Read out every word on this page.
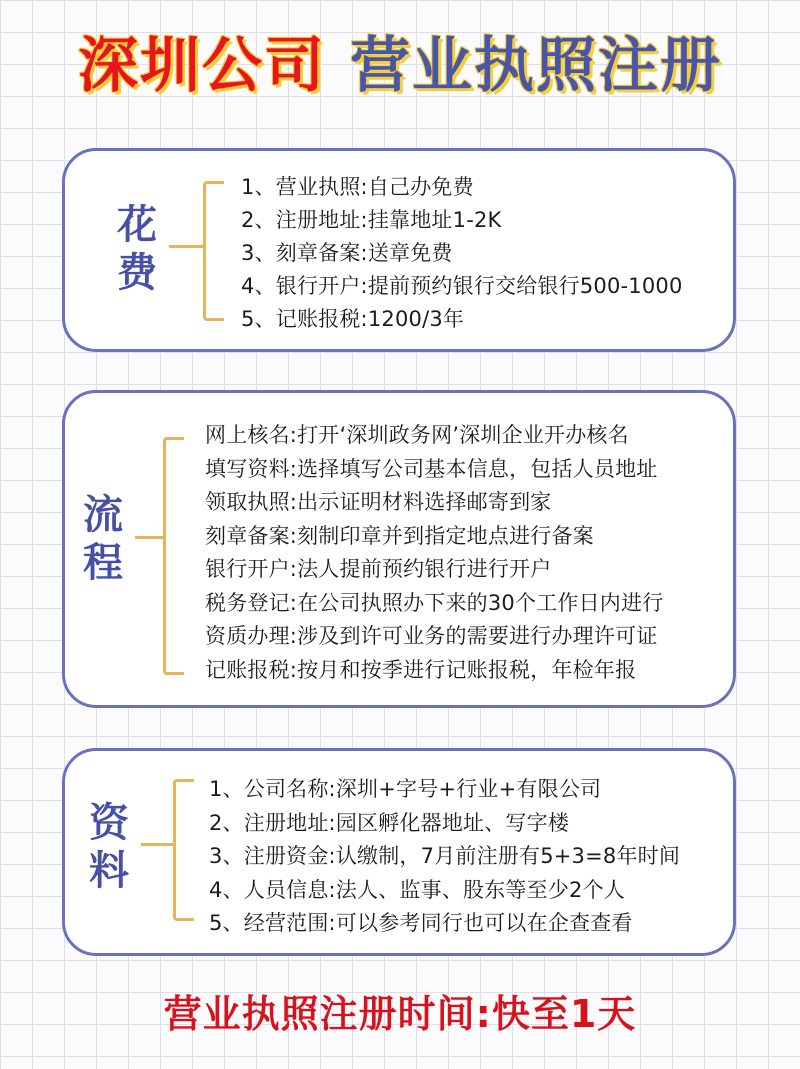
深圳公司 营业执照注册
花
费
1、营业执照:自己办免费
2、注册地址:挂靠地址1-2K
3、刻章备案:送章免费
4、银行开户:提前预约银行交给银行500-1000
5、记账报税:1200/3年
流
程
网上核名:打开‘深圳政务网’深圳企业开办核名
填写资料:选择填写公司基本信息，包括人员地址
领取执照:出示证明材料选择邮寄到家
刻章备案:刻制印章并到指定地点进行备案
银行开户:法人提前预约银行进行开户
税务登记:在公司执照办下来的30个工作日内进行
资质办理:涉及到许可业务的需要进行办理许可证
记账报税:按月和按季进行记账报税，年检年报
资
料
1、公司名称:深圳+字号+行业+有限公司
2、注册地址:园区孵化器地址、写字楼
3、注册资金:认缴制，7月前注册有5+3=8年时间
4、人员信息:法人、监事、股东等至少2个人
5、经营范围:可以参考同行也可以在企查查看
营业执照注册时间:快至1天
